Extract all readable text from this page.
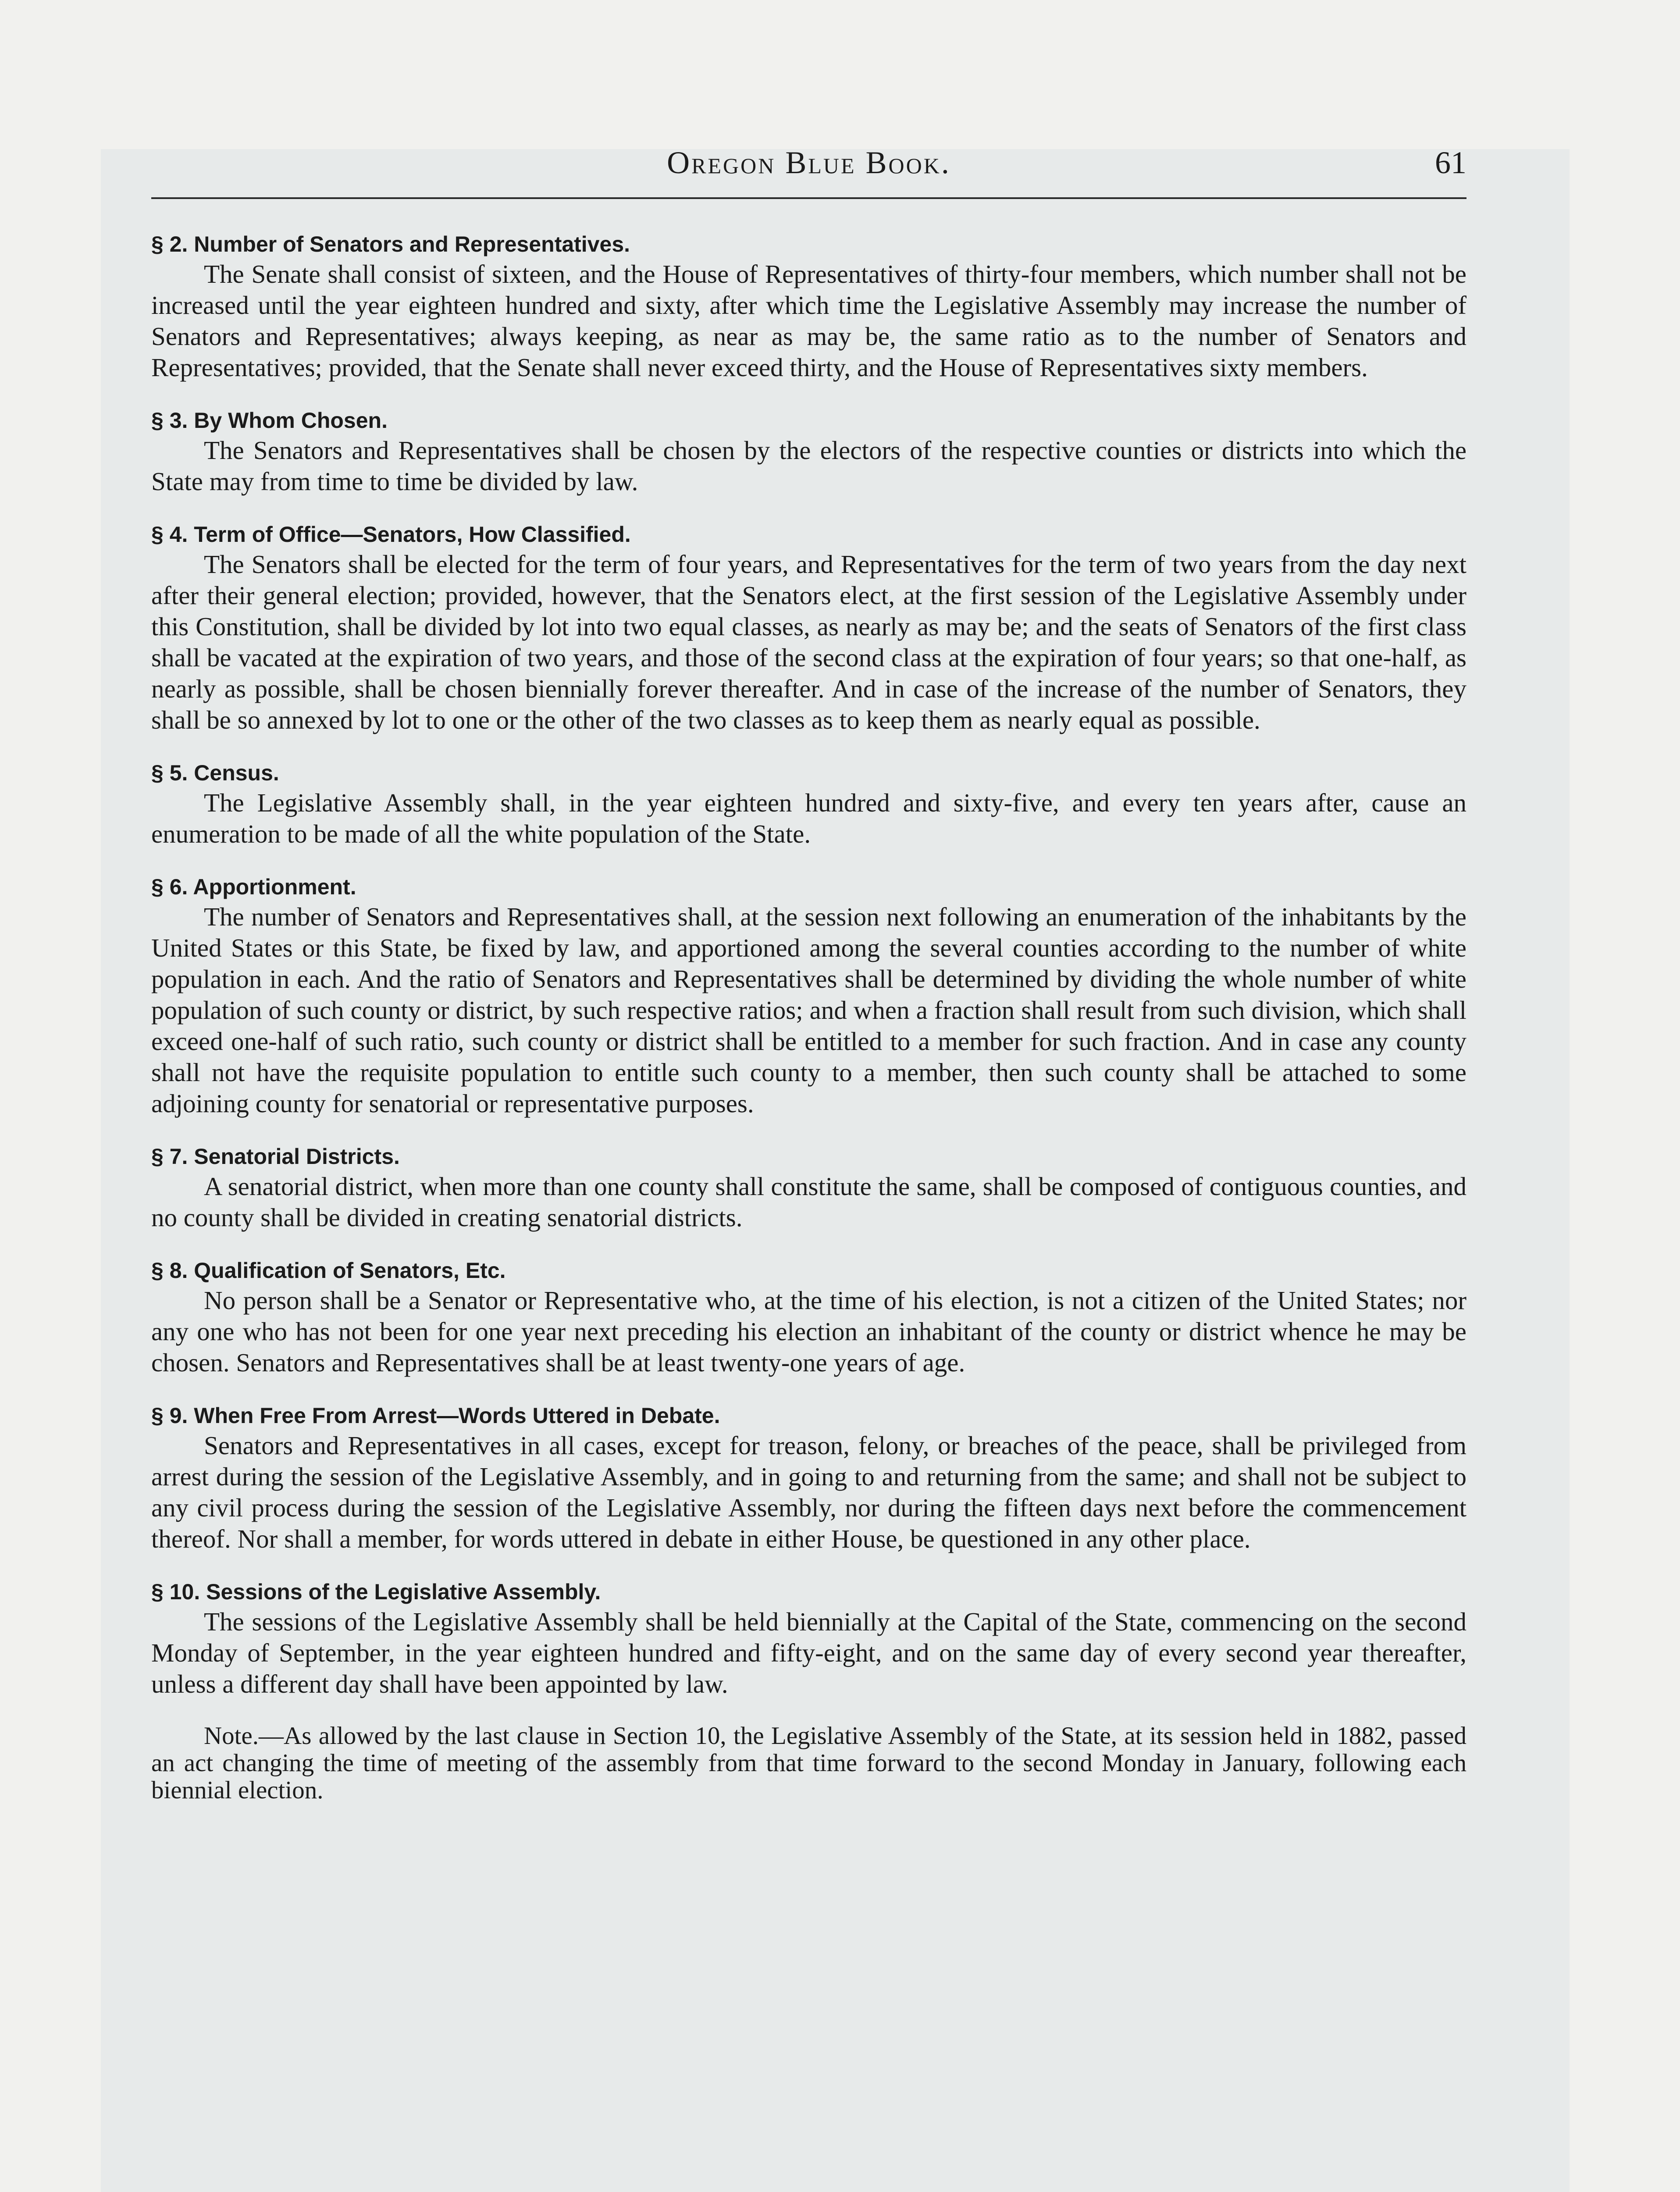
Oregon Blue Book.	61

§ 2. Number of Senators and Representatives.

The Senate shall consist of sixteen, and the House of Representatives of thirty-four members, which number shall not be increased until the year eighteen hundred and sixty, after which time the Legislative Assembly may increase the number of Senators and Representatives; always keeping, as near as may be, the same ratio as to the number of Senators and Representatives; provided, that the Senate shall never exceed thirty, and the House of Representatives sixty members.

§ 3. By Whom Chosen.

The Senators and Representatives shall be chosen by the electors of the respective counties or districts into which the State may from time to time be divided by law.

§ 4. Term of Office—Senators, How Classified.

The Senators shall be elected for the term of four years, and Representatives for the term of two years from the day next after their general election; provided, however, that the Senators elect, at the first session of the Legislative Assembly under this Constitution, shall be divided by lot into two equal classes, as nearly as may be; and the seats of Senators of the first class shall be vacated at the expiration of two years, and those of the second class at the expiration of four years; so that one-half, as nearly as possible, shall be chosen biennially forever thereafter. And in case of the increase of the number of Senators, they shall be so annexed by lot to one or the other of the two classes as to keep them as nearly equal as possible.

§ 5. Census.

The Legislative Assembly shall, in the year eighteen hundred and sixty-five, and every ten years after, cause an enumeration to be made of all the white population of the State.

§ 6. Apportionment.

The number of Senators and Representatives shall, at the session next following an enumeration of the inhabitants by the United States or this State, be fixed by law, and apportioned among the several counties according to the number of white population in each. And the ratio of Senators and Representatives shall be determined by dividing the whole number of white population of such county or district, by such respective ratios; and when a fraction shall result from such division, which shall exceed one-half of such ratio, such county or district shall be entitled to a member for such fraction. And in case any county shall not have the requisite population to entitle such county to a member, then such county shall be attached to some adjoining county for senatorial or representative purposes.

§ 7. Senatorial Districts.

A senatorial district, when more than one county shall constitute the same, shall be composed of contiguous counties, and no county shall be divided in creating senatorial districts.

§ 8. Qualification of Senators, Etc.

No person shall be a Senator or Representative who, at the time of his election, is not a citizen of the United States; nor any one who has not been for one year next preceding his election an inhabitant of the county or district whence he may be chosen. Senators and Representatives shall be at least twenty-one years of age.

§ 9. When Free From Arrest—Words Uttered in Debate.

Senators and Representatives in all cases, except for treason, felony, or breaches of the peace, shall be privileged from arrest during the session of the Legislative Assembly, and in going to and returning from the same; and shall not be subject to any civil process during the session of the Legislative Assembly, nor during the fifteen days next before the commencement thereof. Nor shall a member, for words uttered in debate in either House, be questioned in any other place.

§ 10. Sessions of the Legislative Assembly.

The sessions of the Legislative Assembly shall be held biennially at the Capital of the State, commencing on the second Monday of September, in the year eighteen hundred and fifty-eight, and on the same day of every second year thereafter, unless a different day shall have been appointed by law.

Note.—As allowed by the last clause in Section 10, the Legislative Assembly of the State, at its session held in 1882, passed an act changing the time of meeting of the assembly from that time forward to the second Monday in January, following each biennial election.
